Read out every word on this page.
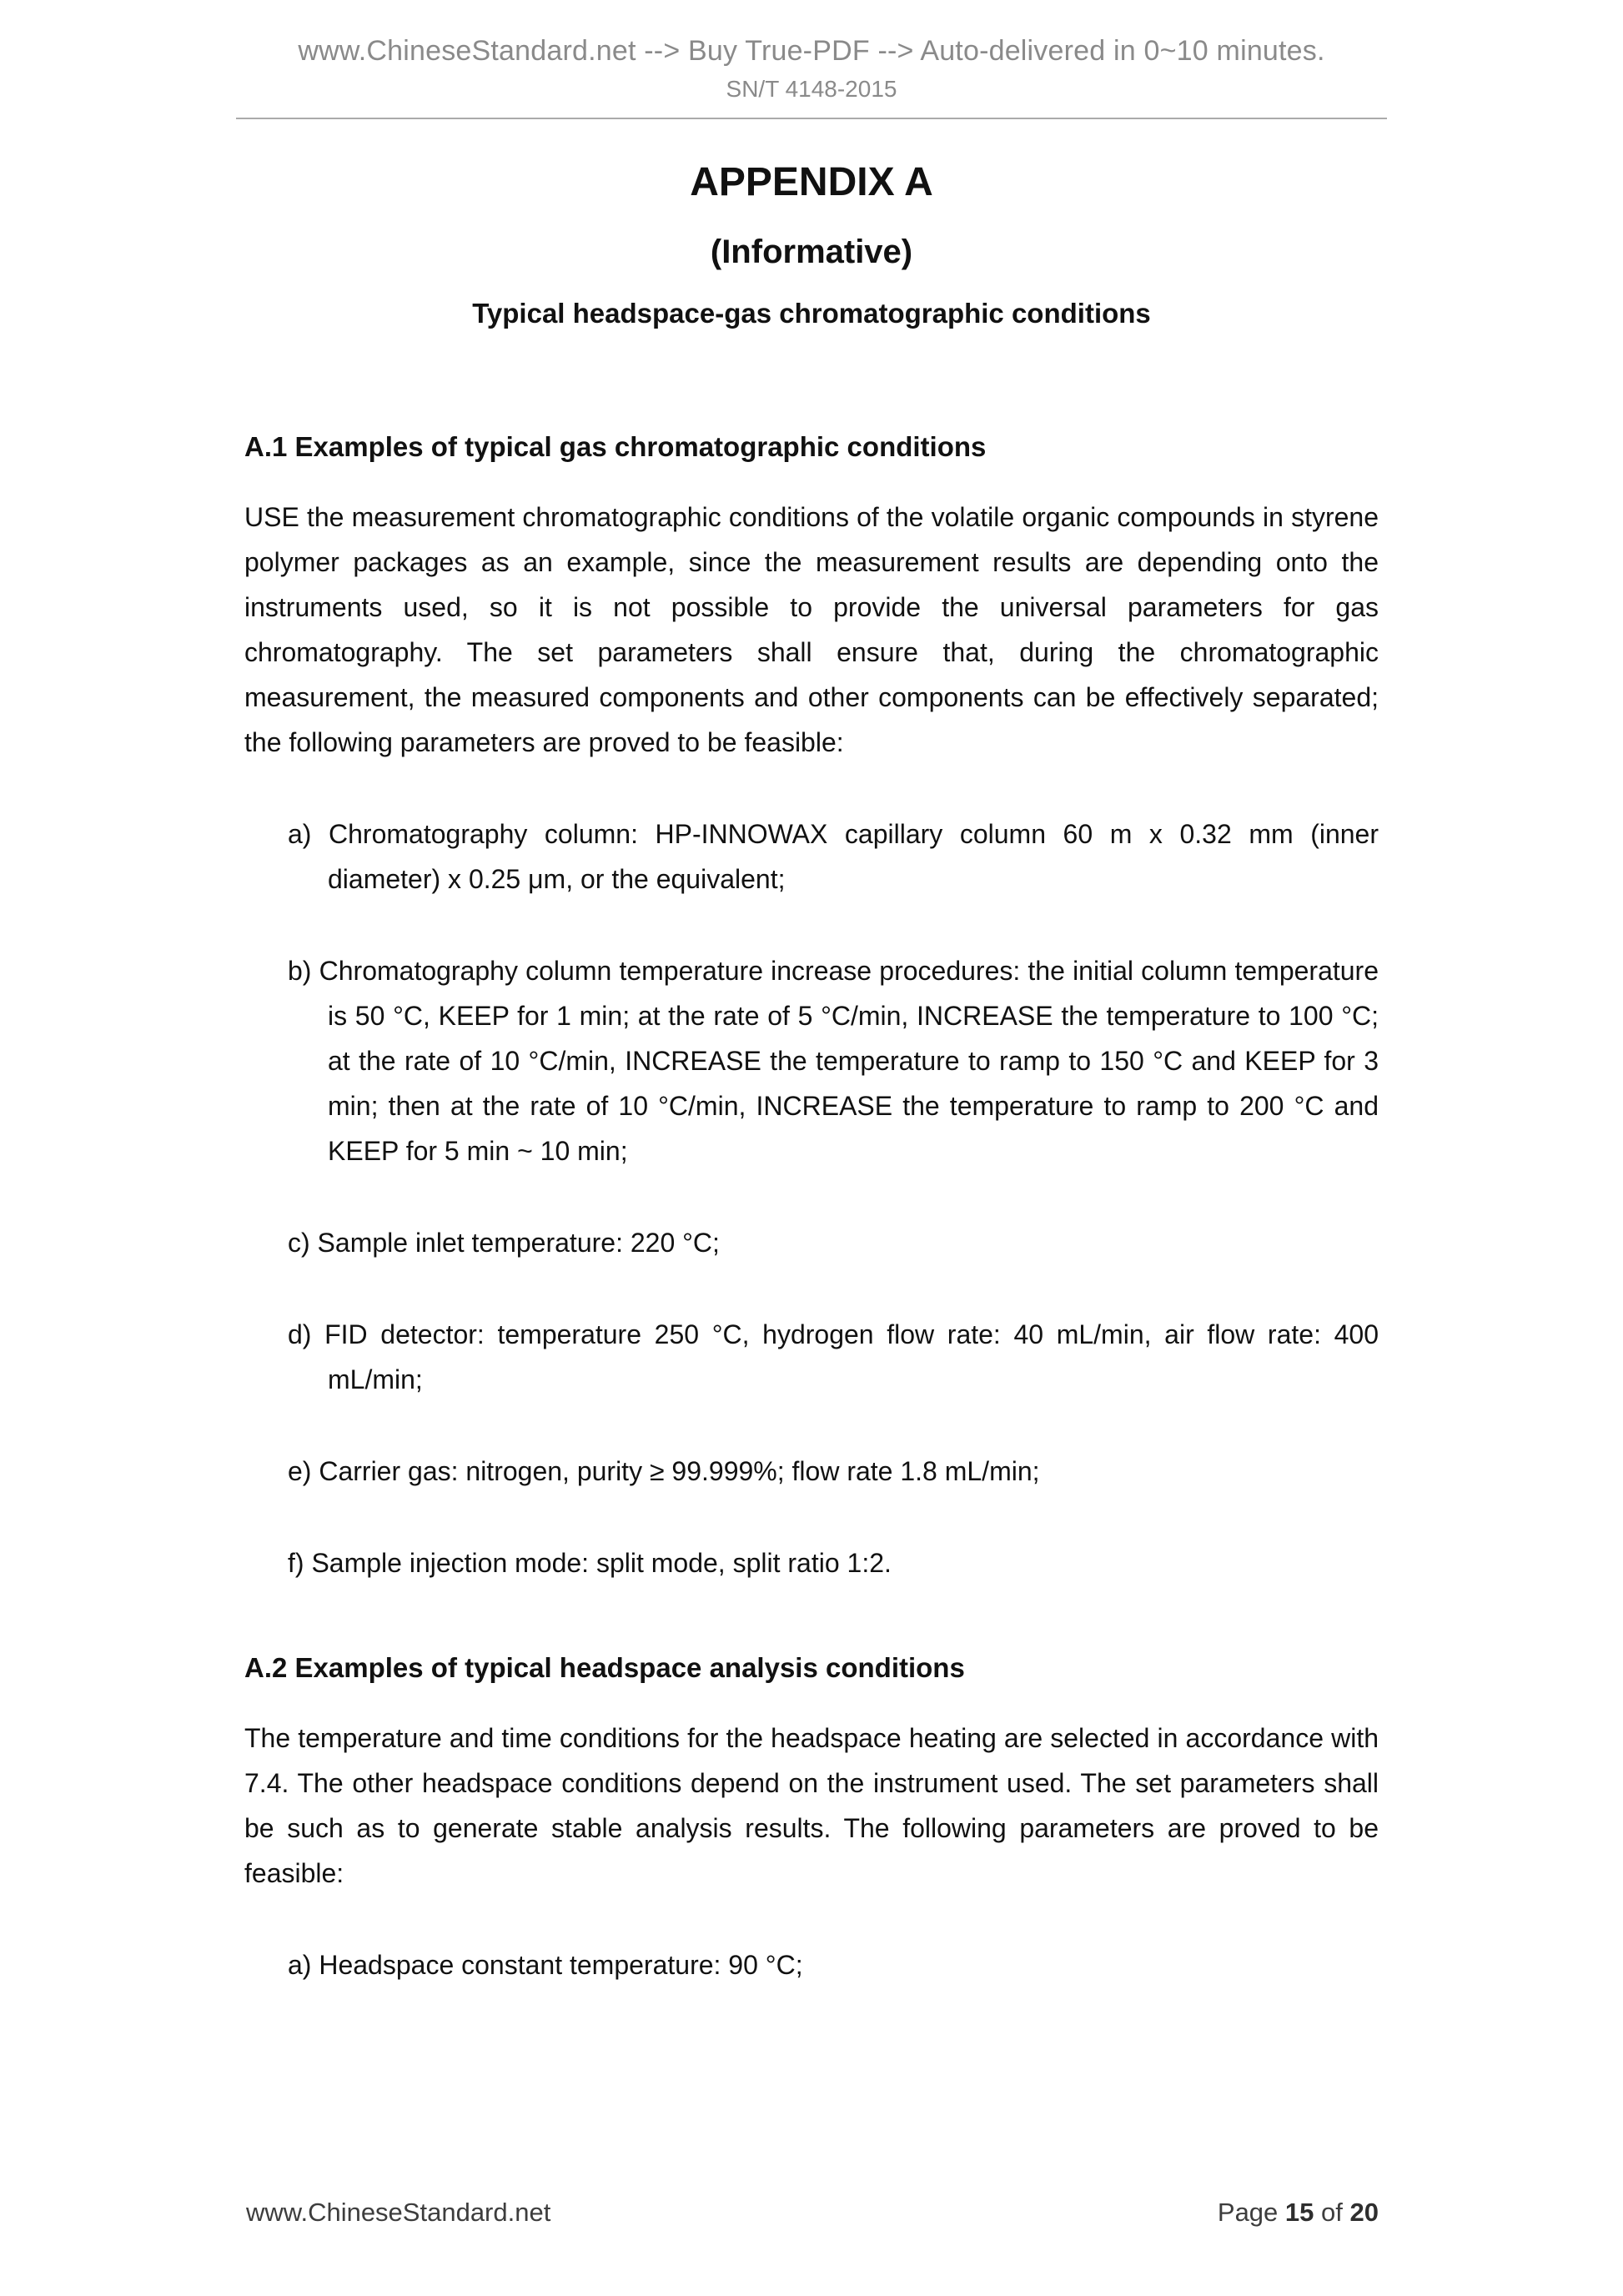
www.ChineseStandard.net --> Buy True-PDF --> Auto-delivered in 0~10 minutes.
SN/T 4148-2015
APPENDIX A
(Informative)
Typical headspace-gas chromatographic conditions
A.1 Examples of typical gas chromatographic conditions

USE the measurement chromatographic conditions of the volatile organic compounds in styrene polymer packages as an example, since the measurement results are depending onto the instruments used, so it is not possible to provide the universal parameters for gas chromatography. The set parameters shall ensure that, during the chromatographic measurement, the measured components and other components can be effectively separated; the following parameters are proved to be feasible:

a) Chromatography column: HP-INNOWAX capillary column 60 m x 0.32 mm (inner diameter) x 0.25 μm, or the equivalent;
b) Chromatography column temperature increase procedures: the initial column temperature is 50 °C, KEEP for 1 min; at the rate of 5 °C/min, INCREASE the temperature to 100 °C; at the rate of 10 °C/min, INCREASE the temperature to ramp to 150 °C and KEEP for 3 min; then at the rate of 10 °C/min, INCREASE the temperature to ramp to 200 °C and KEEP for 5 min ~ 10 min;
c) Sample inlet temperature: 220 °C;
d) FID detector: temperature 250 °C, hydrogen flow rate: 40 mL/min, air flow rate: 400 mL/min;
e) Carrier gas: nitrogen, purity ≥ 99.999%; flow rate 1.8 mL/min;
f) Sample injection mode: split mode, split ratio 1:2.
A.2 Examples of typical headspace analysis conditions

The temperature and time conditions for the headspace heating are selected in accordance with 7.4. The other headspace conditions depend on the instrument used. The set parameters shall be such as to generate stable analysis results. The following parameters are proved to be feasible:

a) Headspace constant temperature: 90 °C;
www.ChineseStandard.net	Page 15 of 20
